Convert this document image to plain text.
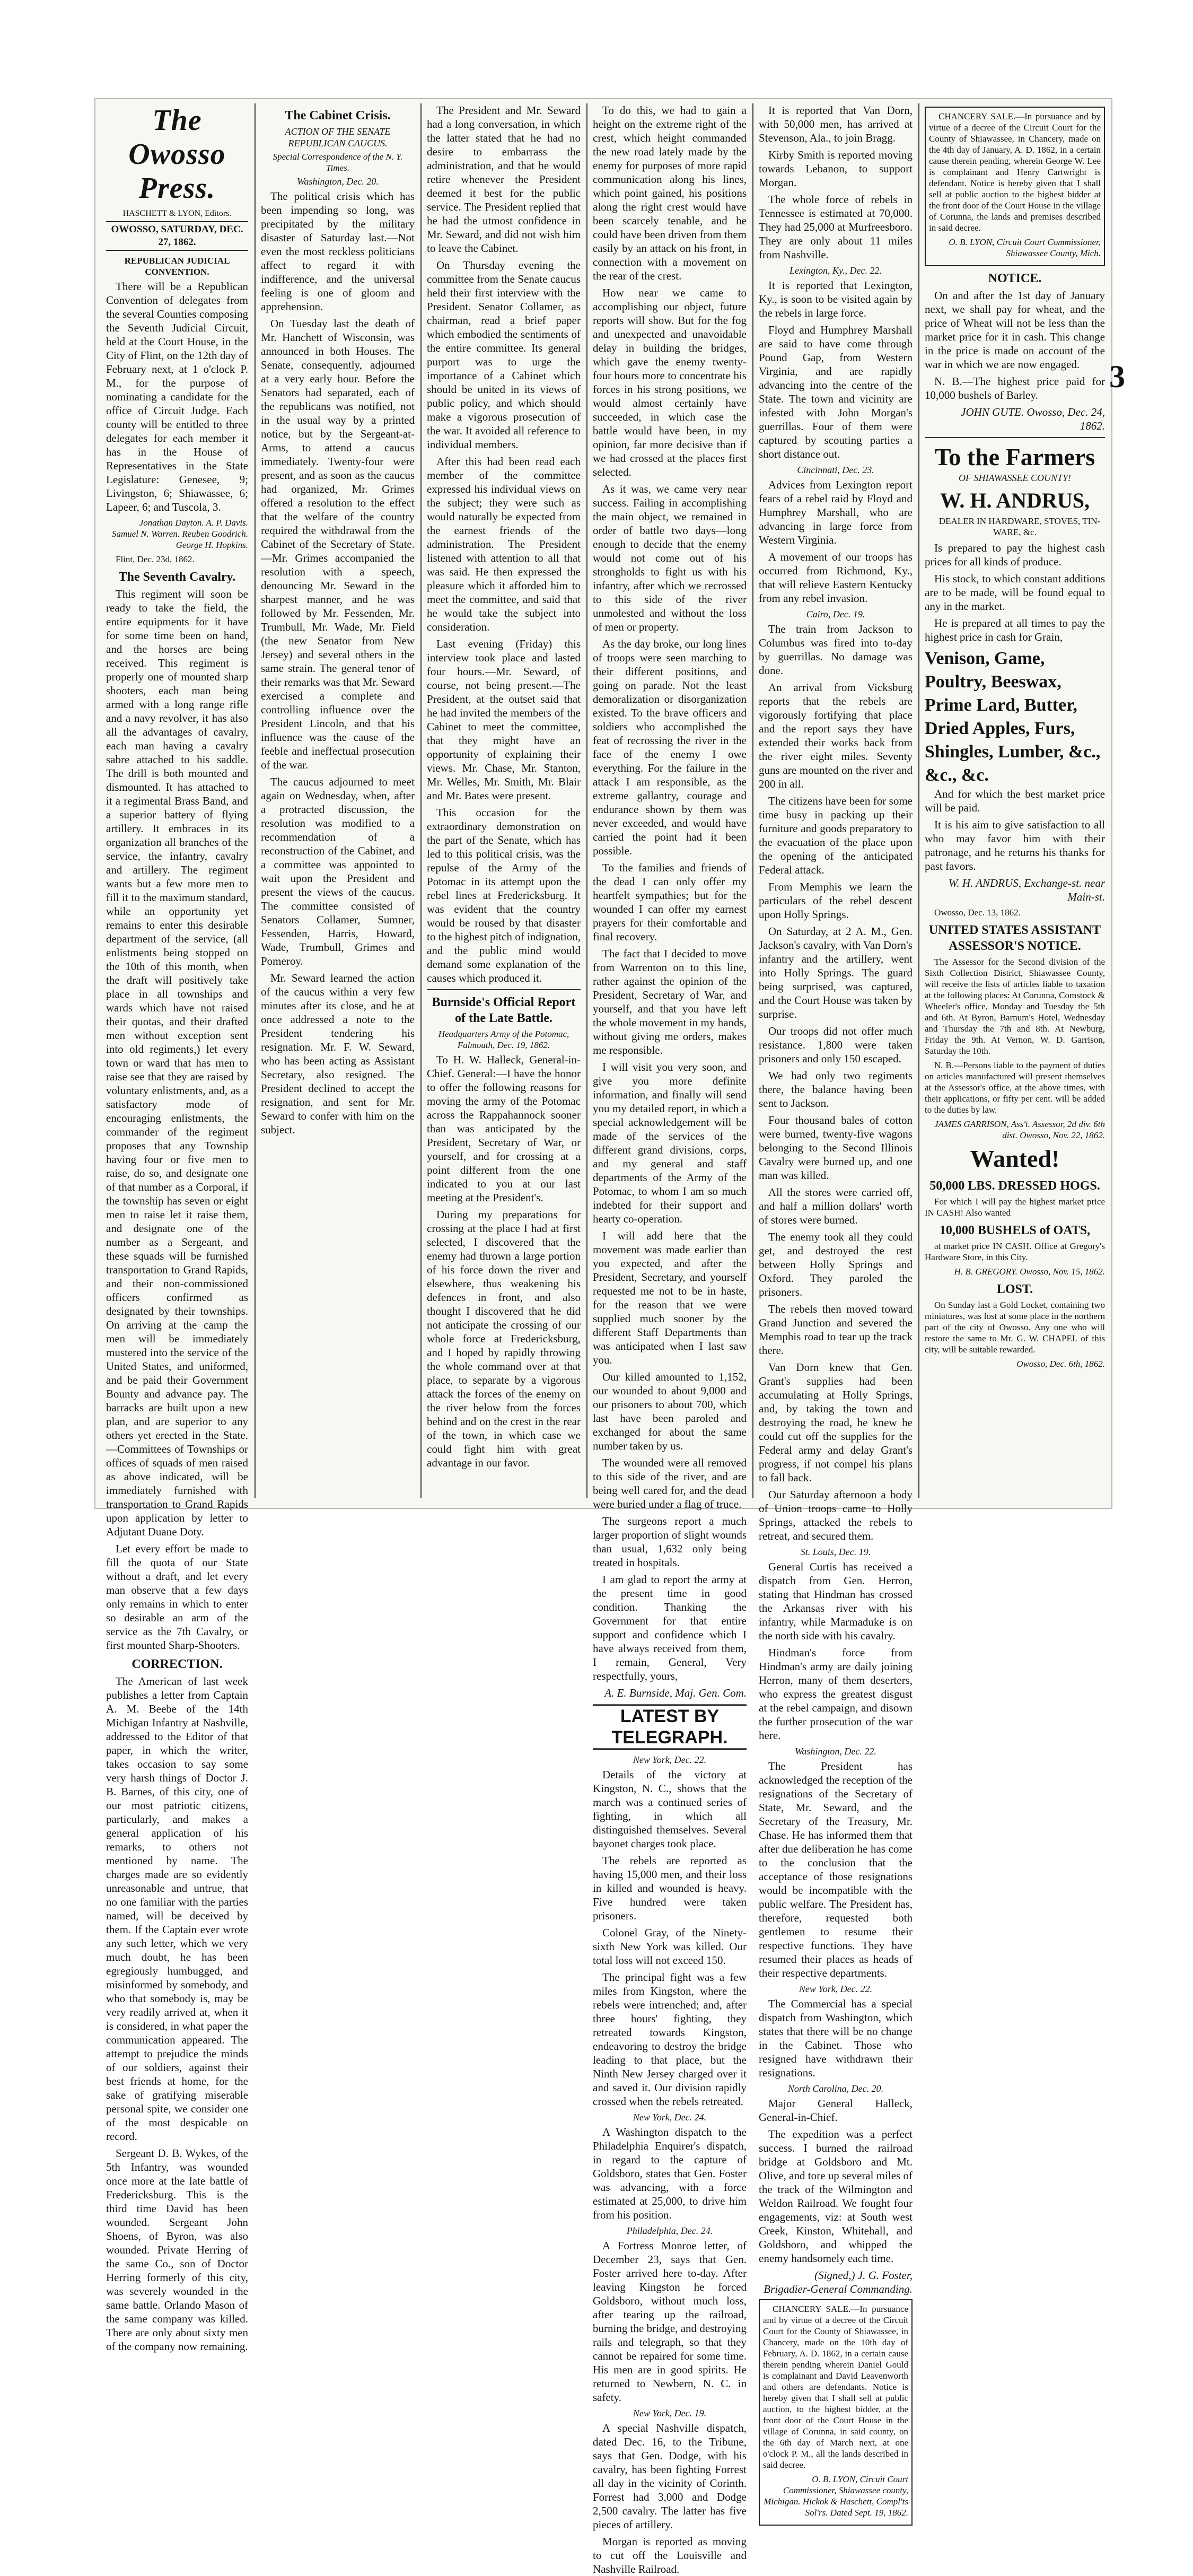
3
The Owosso Press.
HASCHETT & LYON, Editors.
OWOSSO, SATURDAY, DEC. 27, 1862.
REPUBLICAN JUDICIAL CONVENTION.

There will be a Republican Convention of delegates from the several Counties composing the Seventh Judicial Circuit, held at the Court House, in the City of Flint, on the 12th day of February next, at 1 o'clock P. M., for the purpose of nominating a candidate for the office of Circuit Judge. Each county will be entitled to three delegates for each member it has in the House of Representatives in the State Legislature: Genesee, 9; Livingston, 6; Shiawassee, 6; Lapeer, 6; and Tuscola, 3.

Jonathan Dayton. A. P. Davis. Samuel N. Warren. Reuben Goodrich. George H. Hopkins.

Flint, Dec. 23d, 1862.

The Seventh Cavalry.

This regiment will soon be ready to take the field, the entire equipments for it have for some time been on hand, and the horses are being received. This regiment is properly one of mounted sharp shooters, each man being armed with a long range rifle and a navy revolver, it has also all the advantages of cavalry, each man having a cavalry sabre attached to his saddle. The drill is both mounted and dismounted. It has attached to it a regimental Brass Band, and a superior battery of flying artillery. It embraces in its organization all branches of the service, the infantry, cavalry and artillery. The regiment wants but a few more men to fill it to the maximum standard, while an opportunity yet remains to enter this desirable department of the service, (all enlistments being stopped on the 10th of this month, when the draft will positively take place in all townships and wards which have not raised their quotas, and their drafted men without exception sent into old regiments,) let every town or ward that has men to raise see that they are raised by voluntary enlistments, and, as a satisfactory mode of encouraging enlistments, the commander of the regiment proposes that any Township having four or five men to raise, do so, and designate one of that number as a Corporal, if the township has seven or eight men to raise let it raise them, and designate one of the number as a Sergeant, and these squads will be furnished transportation to Grand Rapids, and their non-commissioned officers confirmed as designated by their townships. On arriving at the camp the men will be immediately mustered into the service of the United States, and uniformed, and be paid their Government Bounty and advance pay. The barracks are built upon a new plan, and are superior to any others yet erected in the State.—Committees of Townships or offices of squads of men raised as above indicated, will be immediately furnished with transportation to Grand Rapids upon application by letter to Adjutant Duane Doty.

Let every effort be made to fill the quota of our State without a draft, and let every man observe that a few days only remains in which to enter so desirable an arm of the service as the 7th Cavalry, or first mounted Sharp-Shooters.

CORRECTION.

The American of last week publishes a letter from Captain A. M. Beebe of the 14th Michigan Infantry at Nashville, addressed to the Editor of that paper, in which the writer, takes occasion to say some very harsh things of Doctor J. B. Barnes, of this city, one of our most patriotic citizens, particularly, and makes a general application of his remarks, to others not mentioned by name. The charges made are so evidently unreasonable and untrue, that no one familiar with the parties named, will be deceived by them. If the Captain ever wrote any such letter, which we very much doubt, he has been egregiously humbugged, and misinformed by somebody, and who that somebody is, may be very readily arrived at, when it is considered, in what paper the communication appeared. The attempt to prejudice the minds of our soldiers, against their best friends at home, for the sake of gratifying miserable personal spite, we consider one of the most despicable on record.

Sergeant D. B. Wykes, of the 5th Infantry, was wounded once more at the late battle of Fredericksburg. This is the third time David has been wounded. Sergeant John Shoens, of Byron, was also wounded. Private Herring of the same Co., son of Doctor Herring formerly of this city, was severely wounded in the same battle. Orlando Mason of the same company was killed. There are only about sixty men of the company now remaining.

The Cabinet Crisis.
ACTION OF THE SENATE REPUBLICAN CAUCUS.
Special Correspondence of the N. Y. Times.
Washington, Dec. 20.

The political crisis which has been impending so long, was precipitated by the military disaster of Saturday last.—Not even the most reckless politicians affect to regard it with indifference, and the universal feeling is one of gloom and apprehension.

On Tuesday last the death of Mr. Hanchett of Wisconsin, was announced in both Houses. The Senate, consequently, adjourned at a very early hour. Before the Senators had separated, each of the republicans was notified, not in the usual way by a printed notice, but by the Sergeant-at-Arms, to attend a caucus immediately. Twenty-four were present, and as soon as the caucus had organized, Mr. Grimes offered a resolution to the effect that the welfare of the country required the withdrawal from the Cabinet of the Secretary of State.—Mr. Grimes accompanied the resolution with a speech, denouncing Mr. Seward in the sharpest manner, and he was followed by Mr. Fessenden, Mr. Trumbull, Mr. Wade, Mr. Field (the new Senator from New Jersey) and several others in the same strain. The general tenor of their remarks was that Mr. Seward exercised a complete and controlling influence over the President Lincoln, and that his influence was the cause of the feeble and ineffectual prosecution of the war.

The caucus adjourned to meet again on Wednesday, when, after a protracted discussion, the resolution was modified to a recommendation of a reconstruction of the Cabinet, and a committee was appointed to wait upon the President and present the views of the caucus. The committee consisted of Senators Collamer, Sumner, Fessenden, Harris, Howard, Wade, Trumbull, Grimes and Pomeroy.

Mr. Seward learned the action of the caucus within a very few minutes after its close, and he at once addressed a note to the President tendering his resignation. Mr. F. W. Seward, who has been acting as Assistant Secretary, also resigned. The President declined to accept the resignation, and sent for Mr. Seward to confer with him on the subject.

The President and Mr. Seward had a long conversation, in which the latter stated that he had no desire to embarrass the administration, and that he would retire whenever the President deemed it best for the public service. The President replied that he had the utmost confidence in Mr. Seward, and did not wish him to leave the Cabinet.

On Thursday evening the committee from the Senate caucus held their first interview with the President. Senator Collamer, as chairman, read a brief paper which embodied the sentiments of the entire committee. Its general purport was to urge the importance of a Cabinet which should be united in its views of public policy, and which should make a vigorous prosecution of the war. It avoided all reference to individual members.

After this had been read each member of the committee expressed his individual views on the subject; they were such as would naturally be expected from the earnest friends of the administration. The President listened with attention to all that was said. He then expressed the pleasure which it afforded him to meet the committee, and said that he would take the subject into consideration.

Last evening (Friday) this interview took place and lasted four hours.—Mr. Seward, of course, not being present.—The President, at the outset said that he had invited the members of the Cabinet to meet the committee, that they might have an opportunity of explaining their views. Mr. Chase, Mr. Stanton, Mr. Welles, Mr. Smith, Mr. Blair and Mr. Bates were present.

This occasion for the extraordinary demonstration on the part of the Senate, which has led to this political crisis, was the repulse of the Army of the Potomac in its attempt upon the rebel lines at Fredericksburg. It was evident that the country would be roused by that disaster to the highest pitch of indignation, and the public mind would demand some explanation of the causes which produced it.

Burnside's Official Report of the Late Battle.
Headquarters Army of the Potomac, Falmouth, Dec. 19, 1862.

To H. W. Halleck, General-in-Chief. General:—I have the honor to offer the following reasons for moving the army of the Potomac across the Rappahannock sooner than was anticipated by the President, Secretary of War, or yourself, and for crossing at a point different from the one indicated to you at our last meeting at the President's.

During my preparations for crossing at the place I had at first selected, I discovered that the enemy had thrown a large portion of his force down the river and elsewhere, thus weakening his defences in front, and also thought I discovered that he did not anticipate the crossing of our whole force at Fredericksburg, and I hoped by rapidly throwing the whole command over at that place, to separate by a vigorous attack the forces of the enemy on the river below from the forces behind and on the crest in the rear of the town, in which case we could fight him with great advantage in our favor.

To do this, we had to gain a height on the extreme right of the crest, which height commanded the new road lately made by the enemy for purposes of more rapid communication along his lines, which point gained, his positions along the right crest would have been scarcely tenable, and he could have been driven from them easily by an attack on his front, in connection with a movement on the rear of the crest.

How near we came to accomplishing our object, future reports will show. But for the fog and unexpected and unavoidable delay in building the bridges, which gave the enemy twenty-four hours more to concentrate his forces in his strong positions, we would almost certainly have succeeded, in which case the battle would have been, in my opinion, far more decisive than if we had crossed at the places first selected.

As it was, we came very near success. Failing in accomplishing the main object, we remained in order of battle two days—long enough to decide that the enemy would not come out of his strongholds to fight us with his infantry, after which we recrossed to this side of the river unmolested and without the loss of men or property.

As the day broke, our long lines of troops were seen marching to their different positions, and going on parade. Not the least demoralization or disorganization existed. To the brave officers and soldiers who accomplished the feat of recrossing the river in the face of the enemy I owe everything. For the failure in the attack I am responsible, as the extreme gallantry, courage and endurance shown by them was never exceeded, and would have carried the point had it been possible.

To the families and friends of the dead I can only offer my heartfelt sympathies; but for the wounded I can offer my earnest prayers for their comfortable and final recovery.

The fact that I decided to move from Warrenton on to this line, rather against the opinion of the President, Secretary of War, and yourself, and that you have left the whole movement in my hands, without giving me orders, makes me responsible.

I will visit you very soon, and give you more definite information, and finally will send you my detailed report, in which a special acknowledgement will be made of the services of the different grand divisions, corps, and my general and staff departments of the Army of the Potomac, to whom I am so much indebted for their support and hearty co-operation.

I will add here that the movement was made earlier than you expected, and after the President, Secretary, and yourself requested me not to be in haste, for the reason that we were supplied much sooner by the different Staff Departments than was anticipated when I last saw you.

Our killed amounted to 1,152, our wounded to about 9,000 and our prisoners to about 700, which last have been paroled and exchanged for about the same number taken by us.

The wounded were all removed to this side of the river, and are being well cared for, and the dead were buried under a flag of truce.

The surgeons report a much larger proportion of slight wounds than usual, 1,632 only being treated in hospitals.

I am glad to report the army at the present time in good condition. Thanking the Government for that entire support and confidence which I have always received from them, I remain, General, Very respectfully, yours,

A. E. Burnside, Maj. Gen. Com.

LATEST BY TELEGRAPH.
New York, Dec. 22.

Details of the victory at Kingston, N. C., shows that the march was a continued series of fighting, in which all distinguished themselves. Several bayonet charges took place.

The rebels are reported as having 15,000 men, and their loss in killed and wounded is heavy. Five hundred were taken prisoners.

Colonel Gray, of the Ninety-sixth New York was killed. Our total loss will not exceed 150.

The principal fight was a few miles from Kingston, where the rebels were intrenched; and, after three hours' fighting, they retreated towards Kingston, endeavoring to destroy the bridge leading to that place, but the Ninth New Jersey charged over it and saved it. Our division rapidly crossed when the rebels retreated.

New York, Dec. 24.

A Washington dispatch to the Philadelphia Enquirer's dispatch, in regard to the capture of Goldsboro, states that Gen. Foster was advancing, with a force estimated at 25,000, to drive him from his position.

Philadelphia, Dec. 24.

A Fortress Monroe letter, of December 23, says that Gen. Foster arrived here to-day. After leaving Kingston he forced Goldsboro, without much loss, after tearing up the railroad, burning the bridge, and destroying rails and telegraph, so that they cannot be repaired for some time. His men are in good spirits. He returned to Newbern, N. C. in safety.

New York, Dec. 19.

A special Nashville dispatch, dated Dec. 16, to the Tribune, says that Gen. Dodge, with his cavalry, has been fighting Forrest all day in the vicinity of Corinth. Forrest had 3,000 and Dodge 2,500 cavalry. The latter has five pieces of artillery.

Morgan is reported as moving to cut off the Louisville and Nashville Railroad.

It is reported that Van Dorn, with 50,000 men, has arrived at Stevenson, Ala., to join Bragg.

Kirby Smith is reported moving towards Lebanon, to support Morgan.

The whole force of rebels in Tennessee is estimated at 70,000. They had 25,000 at Murfreesboro. They are only about 11 miles from Nashville.

Lexington, Ky., Dec. 22.

It is reported that Lexington, Ky., is soon to be visited again by the rebels in large force.

Floyd and Humphrey Marshall are said to have come through Pound Gap, from Western Virginia, and are rapidly advancing into the centre of the State. The town and vicinity are infested with John Morgan's guerrillas. Four of them were captured by scouting parties a short distance out.

Cincinnati, Dec. 23.

Advices from Lexington report fears of a rebel raid by Floyd and Humphrey Marshall, who are advancing in large force from Western Virginia.

A movement of our troops has occurred from Richmond, Ky., that will relieve Eastern Kentucky from any rebel invasion.

Cairo, Dec. 19.

The train from Jackson to Columbus was fired into to-day by guerrillas. No damage was done.

An arrival from Vicksburg reports that the rebels are vigorously fortifying that place and the report says they have extended their works back from the river eight miles. Seventy guns are mounted on the river and 200 in all.

The citizens have been for some time busy in packing up their furniture and goods preparatory to the evacuation of the place upon the opening of the anticipated Federal attack.

From Memphis we learn the particulars of the rebel descent upon Holly Springs.

On Saturday, at 2 A. M., Gen. Jackson's cavalry, with Van Dorn's infantry and the artillery, went into Holly Springs. The guard being surprised, was captured, and the Court House was taken by surprise.

Our troops did not offer much resistance. 1,800 were taken prisoners and only 150 escaped.

We had only two regiments there, the balance having been sent to Jackson.

Four thousand bales of cotton were burned, twenty-five wagons belonging to the Second Illinois Cavalry were burned up, and one man was killed.

All the stores were carried off, and half a million dollars' worth of stores were burned.

The enemy took all they could get, and destroyed the rest between Holly Springs and Oxford. They paroled the prisoners.

The rebels then moved toward Grand Junction and severed the Memphis road to tear up the track there.

Van Dorn knew that Gen. Grant's supplies had been accumulating at Holly Springs, and, by taking the town and destroying the road, he knew he could cut off the supplies for the Federal army and delay Grant's progress, if not compel his plans to fall back.

Our Saturday afternoon a body of Union troops came to Holly Springs, attacked the rebels to retreat, and secured them.

St. Louis, Dec. 19.

General Curtis has received a dispatch from Gen. Herron, stating that Hindman has crossed the Arkansas river with his infantry, while Marmaduke is on the north side with his cavalry.

Hindman's force from Hindman's army are daily joining Herron, many of them deserters, who express the greatest disgust at the rebel campaign, and disown the further prosecution of the war here.

Washington, Dec. 22.

The President has acknowledged the reception of the resignations of the Secretary of State, Mr. Seward, and the Secretary of the Treasury, Mr. Chase. He has informed them that after due deliberation he has come to the conclusion that the acceptance of those resignations would be incompatible with the public welfare. The President has, therefore, requested both gentlemen to resume their respective functions. They have resumed their places as heads of their respective departments.

New York, Dec. 22.

The Commercial has a special dispatch from Washington, which states that there will be no change in the Cabinet. Those who resigned have withdrawn their resignations.

North Carolina, Dec. 20.

Major General Halleck, General-in-Chief.

The expedition was a perfect success. I burned the railroad bridge at Goldsboro and Mt. Olive, and tore up several miles of the track of the Wilmington and Weldon Railroad. We fought four engagements, viz: at South west Creek, Kinston, Whitehall, and Goldsboro, and whipped the enemy handsomely each time.

(Signed,) J. G. Foster, Brigadier-General Commanding.

CHANCERY SALE.—In pursuance and by virtue of a decree of the Circuit Court for the County of Shiawassee, in Chancery, made on the 10th day of February, A. D. 1862, in a certain cause therein pending wherein Daniel Gould is complainant and David Leavenworth and others are defendants. Notice is hereby given that I shall sell at public auction, to the highest bidder, at the front door of the Court House in the village of Corunna, in said county, on the 6th day of March next, at one o'clock P. M., all the lands described in said decree.

O. B. LYON, Circuit Court Commissioner, Shiawassee county, Michigan. Hickok & Haschett, Compl'ts Sol'rs. Dated Sept. 19, 1862.

CHANCERY SALE.—In pursuance and by virtue of a decree of the Circuit Court for the County of Shiawassee, in Chancery, made on the 4th day of January, A. D. 1862, in a certain cause therein pending, wherein George W. Lee is complainant and Henry Cartwright is defendant. Notice is hereby given that I shall sell at public auction to the highest bidder at the front door of the Court House in the village of Corunna, the lands and premises described in said decree.

O. B. LYON, Circuit Court Commissioner, Shiawassee County, Mich.

NOTICE.

On and after the 1st day of January next, we shall pay for wheat, and the price of Wheat will not be less than the market price for it in cash. This change in the price is made on account of the war in which we are now engaged.

N. B.—The highest price paid for 10,000 bushels of Barley.

JOHN GUTE. Owosso, Dec. 24, 1862.

To the Farmers
OF SHIAWASSEE COUNTY!
W. H. ANDRUS,

DEALER IN HARDWARE, STOVES, TIN-WARE, &c.

Is prepared to pay the highest cash prices for all kinds of produce.

His stock, to which constant additions are to be made, will be found equal to any in the market.

He is prepared at all times to pay the highest price in cash for Grain,

Venison, Game, Poultry, Beeswax, Prime Lard, Butter, Dried Apples, Furs, Shingles, Lumber, &c., &c., &c.

And for which the best market price will be paid.

It is his aim to give satisfaction to all who may favor him with their patronage, and he returns his thanks for past favors.

W. H. ANDRUS, Exchange-st. near Main-st.

Owosso, Dec. 13, 1862.

UNITED STATES ASSISTANT ASSESSOR'S NOTICE.

The Assessor for the Second division of the Sixth Collection District, Shiawassee County, will receive the lists of articles liable to taxation at the following places: At Corunna, Comstock & Wheeler's office, Monday and Tuesday the 5th and 6th. At Byron, Barnum's Hotel, Wednesday and Thursday the 7th and 8th. At Newburg, Friday the 9th. At Vernon, W. D. Garrison, Saturday the 10th.

N. B.—Persons liable to the payment of duties on articles manufactured will present themselves at the Assessor's office, at the above times, with their applications, or fifty per cent. will be added to the duties by law.

JAMES GARRISON, Ass't. Assessor, 2d div. 6th dist. Owosso, Nov. 22, 1862.

Wanted!
50,000 LBS. DRESSED HOGS.

For which I will pay the highest market price IN CASH! Also wanted

10,000 BUSHELS of OATS,

at market price IN CASH. Office at Gregory's Hardware Store, in this City.

H. B. GREGORY. Owosso, Nov. 15, 1862.

LOST.

On Sunday last a Gold Locket, containing two miniatures, was lost at some place in the northern part of the city of Owosso. Any one who will restore the same to Mr. G. W. CHAPEL of this city, will be suitable rewarded.

Owosso, Dec. 6th, 1862.
